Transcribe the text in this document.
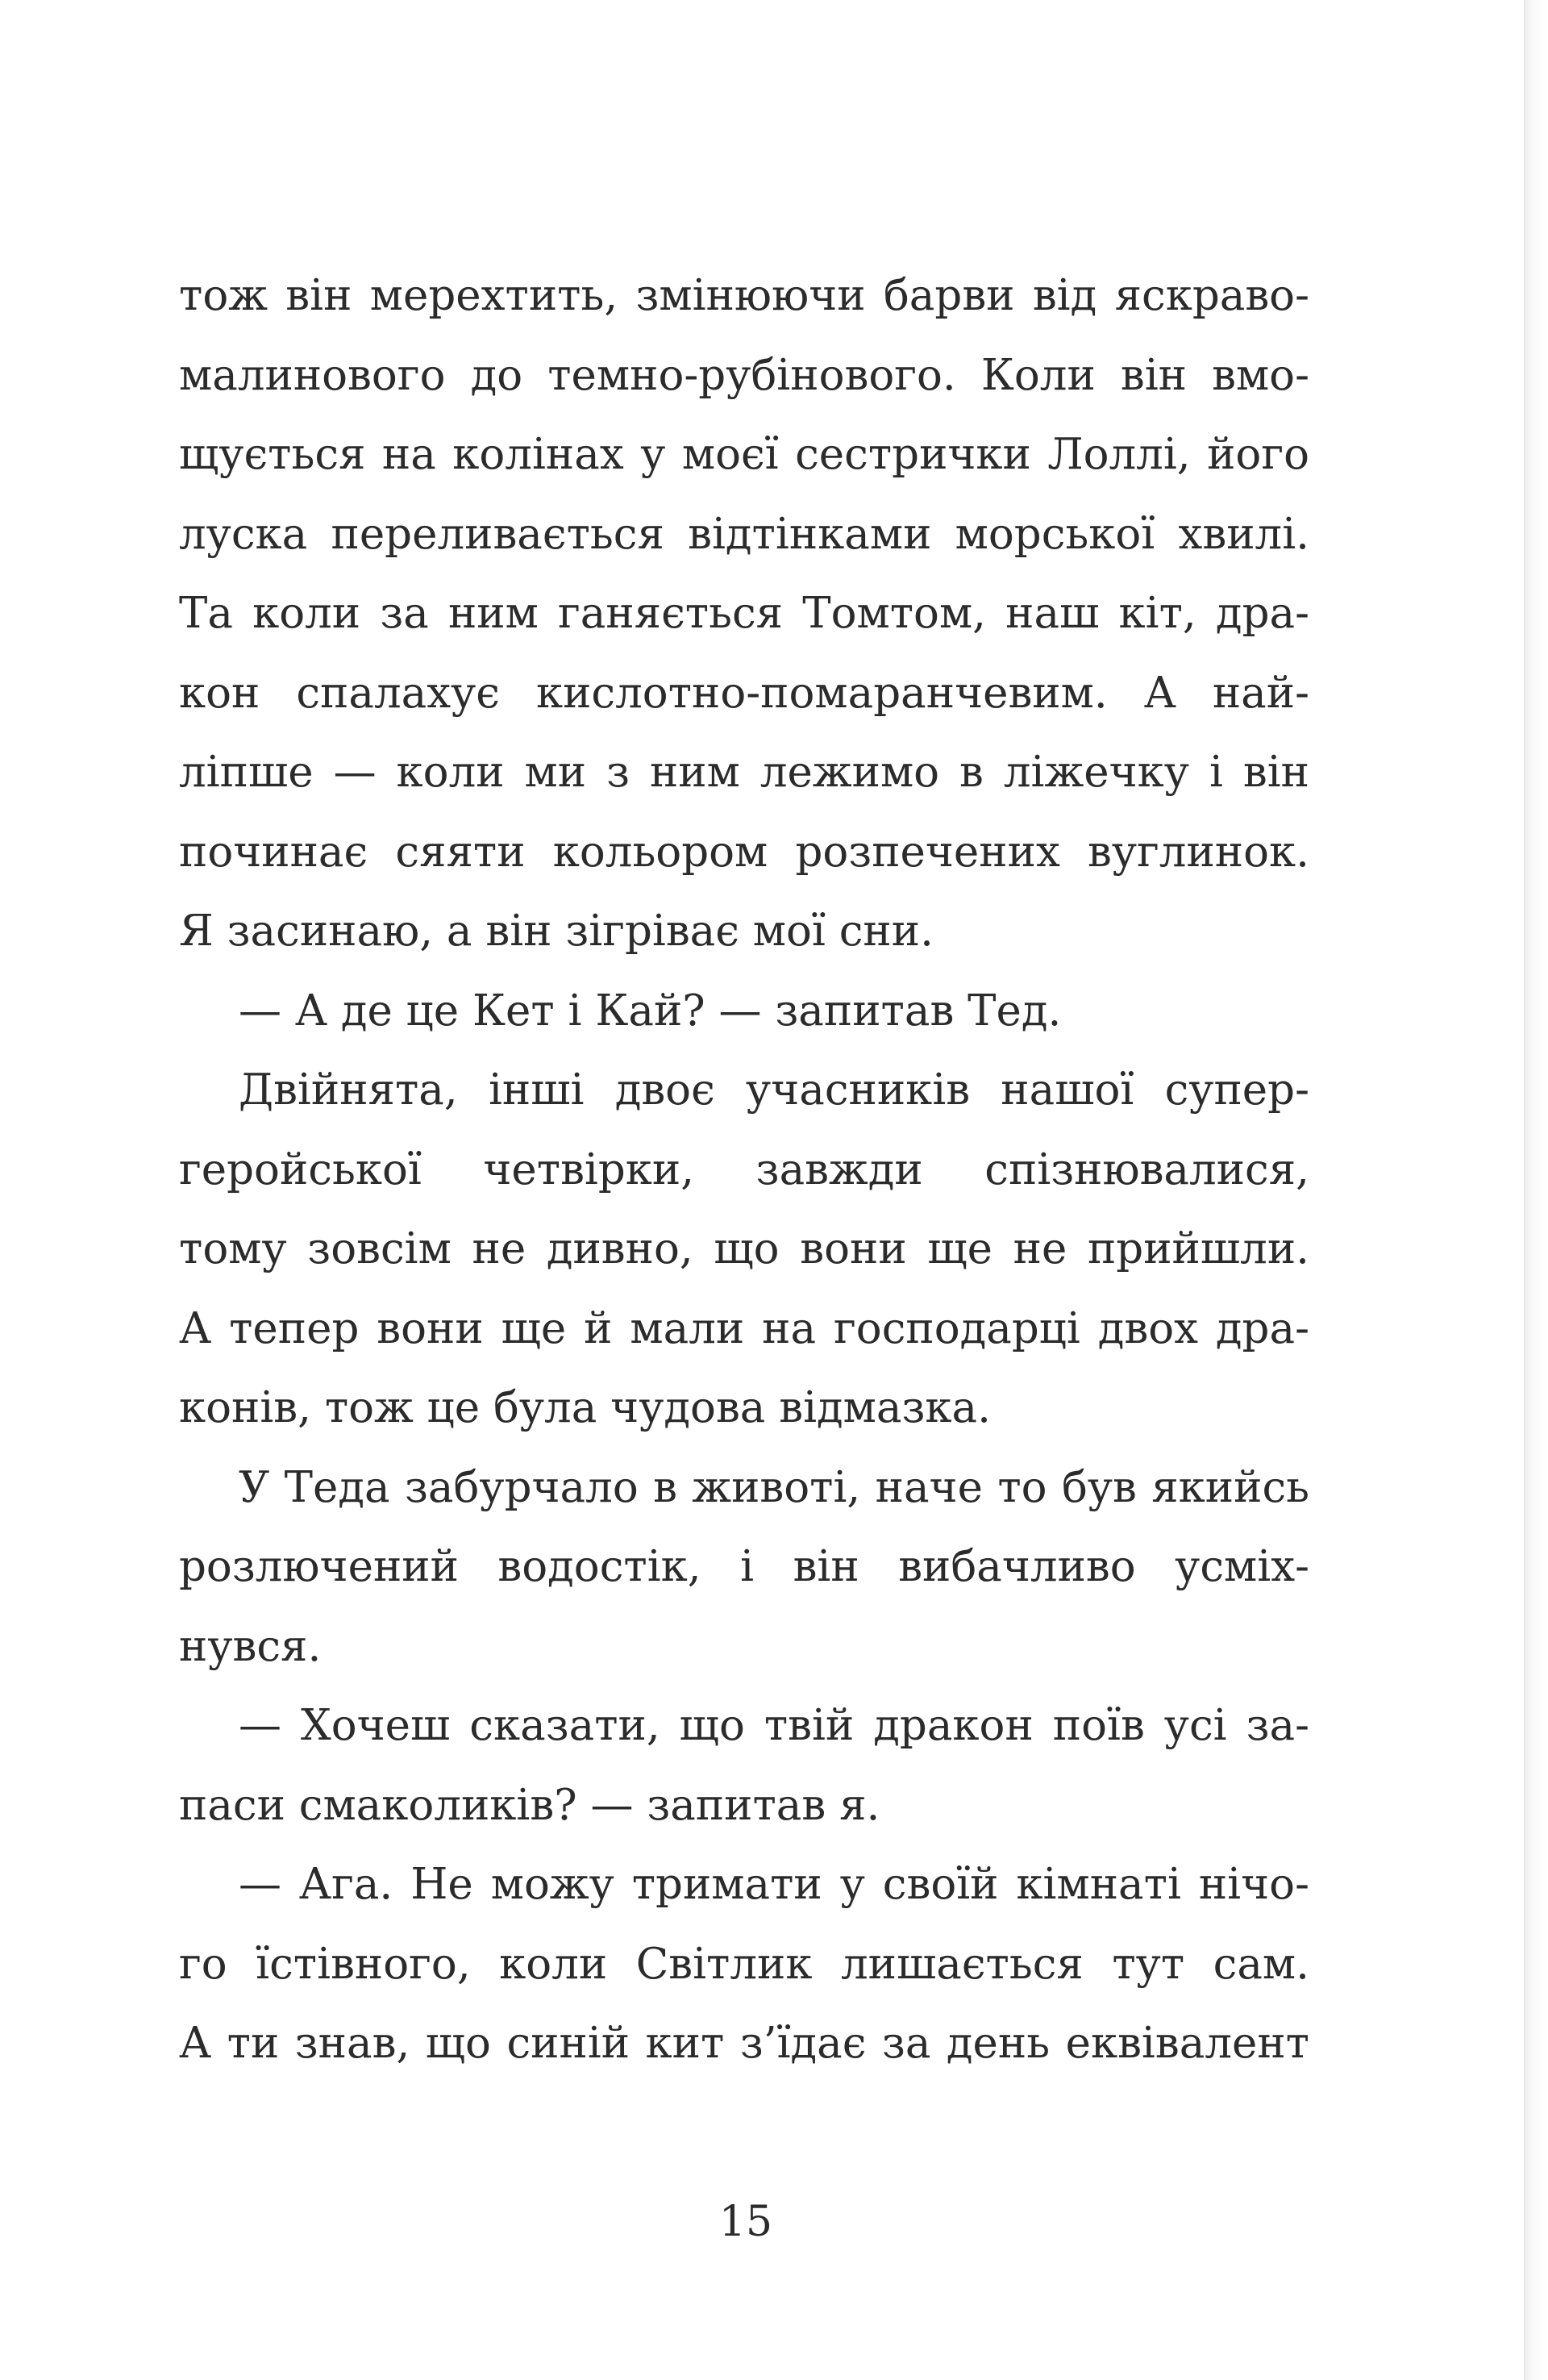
тож він мерехтить, змінюючи барви від яскраво-
малинового до темно-рубінового. Коли він вмо-
щується на колінах у моєї сестрички Лоллі, його
луска переливається відтінками морської хвилі.
Та коли за ним ганяється Томтом, наш кіт, дра-
кон спалахує кислотно-помаранчевим. А най-
ліпше — коли ми з ним лежимо в ліжечку і він
починає сяяти кольором розпечених вуглинок.
Я засинаю, а він зігріває мої сни.
— А де це Кет і Кай? — запитав Тед.
Двійнята, інші двоє учасників нашої супер-
геройської четвірки, завжди спізнювалися,
тому зовсім не дивно, що вони ще не прийшли.
А тепер вони ще й мали на господарці двох дра-
конів, тож це була чудова відмазка.
У Теда забурчало в животі, наче то був якийсь
розлючений водостік, і він вибачливо усміх-
нувся.
— Хочеш сказати, що твій дракон поїв усі за-
паси смаколиків? — запитав я.
— Ага. Не можу тримати у своїй кімнаті нічо-
го їстівного, коли Світлик лишається тут сам.
А ти знав, що синій кит з’їдає за день еквівалент
15
